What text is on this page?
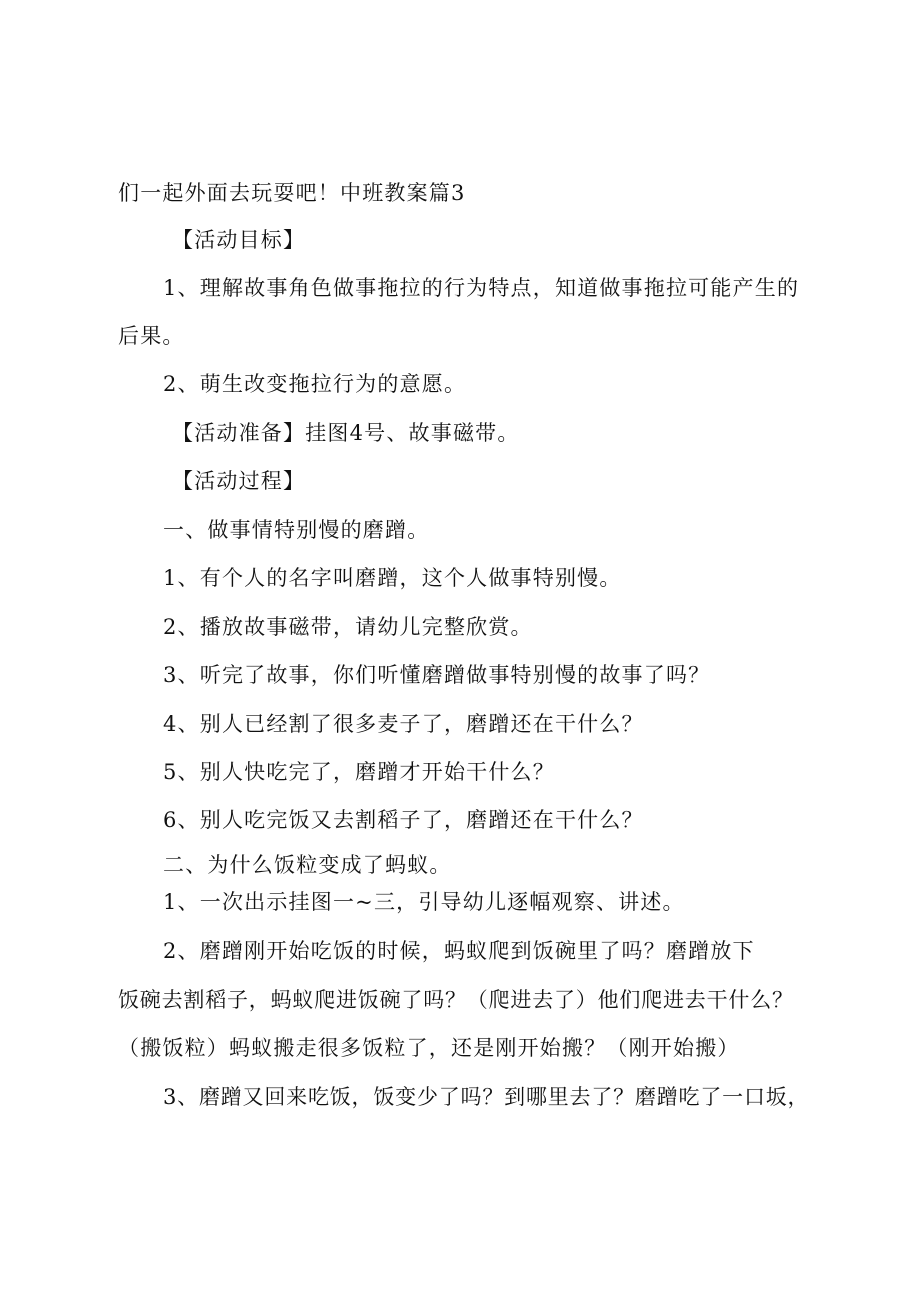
们一起外面去玩耍吧！中班教案篇3
【活动目标】
1、理解故事角色做事拖拉的行为特点，知道做事拖拉可能产生的
后果。
2、萌生改变拖拉行为的意愿。
【活动准备】挂图4号、故事磁带。
【活动过程】
一、做事情特别慢的磨蹭。
1、有个人的名字叫磨蹭，这个人做事特别慢。
2、播放故事磁带，请幼儿完整欣赏。
3、听完了故事，你们听懂磨蹭做事特别慢的故事了吗？
4、别人已经割了很多麦子了，磨蹭还在干什么？
5、别人快吃完了，磨蹭才开始干什么？
6、别人吃完饭又去割稻子了，磨蹭还在干什么？
二、为什么饭粒变成了蚂蚁。
1、一次出示挂图一~三，引导幼儿逐幅观察、讲述。
2、磨蹭刚开始吃饭的时候，蚂蚁爬到饭碗里了吗？磨蹭放下
饭碗去割稻子，蚂蚁爬进饭碗了吗？（爬进去了）他们爬进去干什么？
（搬饭粒）蚂蚁搬走很多饭粒了，还是刚开始搬？（刚开始搬）
3、磨蹭又回来吃饭，饭变少了吗？到哪里去了？磨蹭吃了一口坂，
